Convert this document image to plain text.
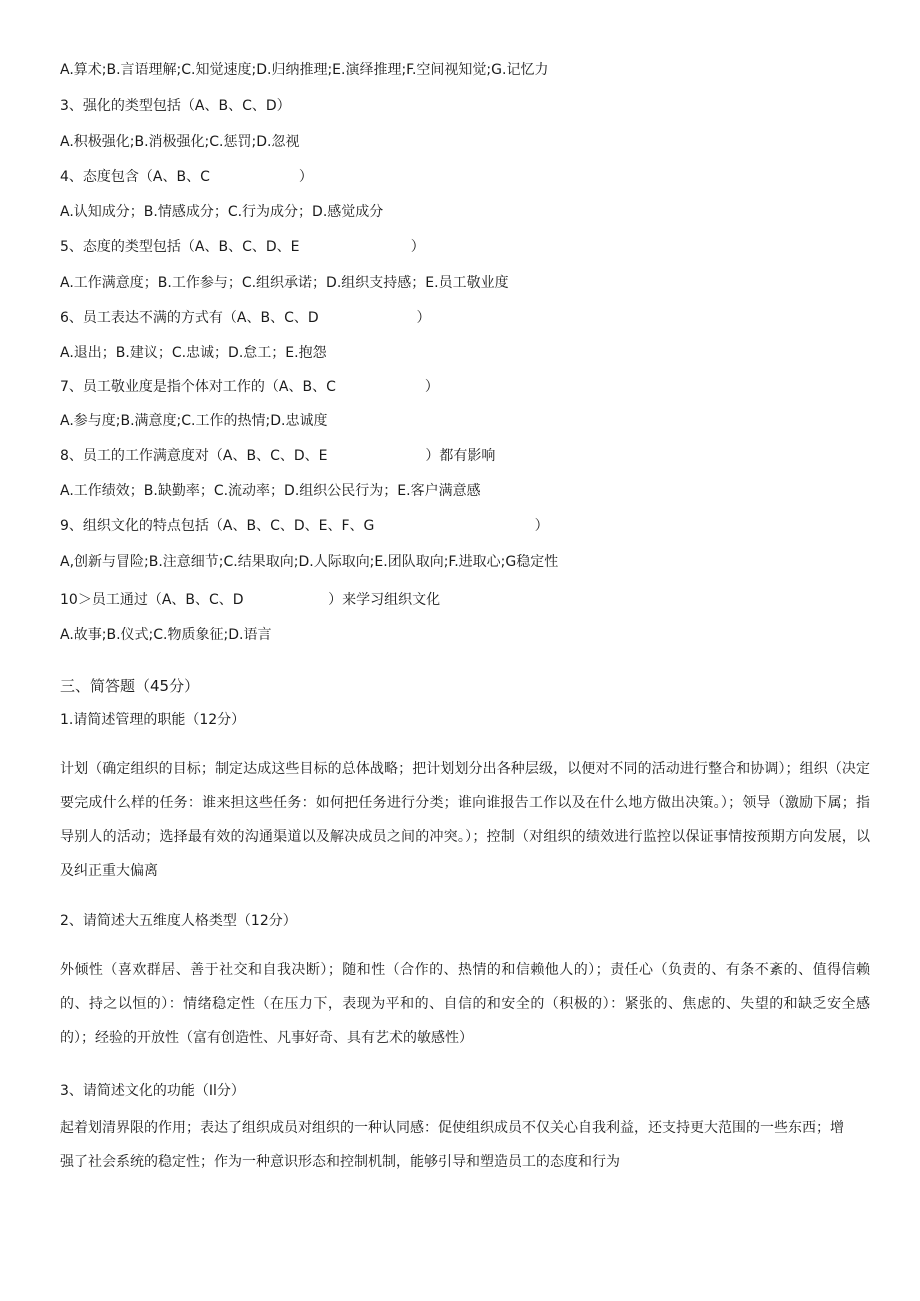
A.算术;B.言语理解;C.知觉速度;D.归纳推理;E.演绎推理;F.空间视知觉;G.记忆力
3、强化的类型包括（A、B、C、D）
A.积极强化;B.消极强化;C.惩罚;D.忽视
4、态度包含（A、B、C                    ）
A.认知成分；B.情感成分；C.行为成分；D.感觉成分
5、态度的类型包括（A、B、C、D、E                         ）
A.工作满意度；B.工作参与；C.组织承诺；D.组织支持感；E.员工敬业度
6、员工表达不满的方式有（A、B、C、D                      ）
A.退出；B.建议；C.忠诚；D.怠工；E.抱怨
7、员工敬业度是指个体对工作的（A、B、C                    ）
A.参与度;B.满意度;C.工作的热情;D.忠诚度
8、员工的工作满意度对（A、B、C、D、E                      ）都有影响
A.工作绩效；B.缺勤率；C.流动率；D.组织公民行为；E.客户满意感
9、组织文化的特点包括（A、B、C、D、E、F、G                                    ）
A,创新与冒险;B.注意细节;C.结果取向;D.人际取向;E.团队取向;F.进取心;G稳定性
10＞员工通过（A、B、C、D                   ）来学习组织文化
A.故事;B.仪式;C.物质象征;D.语言
三、简答题（45分）
1.请简述管理的职能（12分）
计划（确定组织的目标；制定达成这些目标的总体战略；把计划划分出各种层级，以便对不同的活动进行整合和协调）；组织（决定要完成什么样的任务：谁来担这些任务：如何把任务进行分类；谁向谁报告工作以及在什么地方做出决策。）；领导（激励下属；指导别人的活动；选择最有效的沟通渠道以及解决成员之间的冲突。）；控制（对组织的绩效进行监控以保证事情按预期方向发展，以及纠正重大偏离
2、请简述大五维度人格类型（12分）
外倾性（喜欢群居、善于社交和自我决断）；随和性（合作的、热情的和信赖他人的）；责任心（负责的、有条不紊的、值得信赖的、持之以恒的）：情绪稳定性（在压力下，表现为平和的、自信的和安全的（积极的）：紧张的、焦虑的、失望的和缺乏安全感的）；经验的开放性（富有创造性、凡事好奇、具有艺术的敏感性）
3、请简述文化的功能（Il分）
起着划清界限的作用；表达了组织成员对组织的一种认同感：促使组织成员不仅关心自我利益，还支持更大范围的一些东西；增强了社会系统的稳定性；作为一种意识形态和控制机制，能够引导和塑造员工的态度和行为
